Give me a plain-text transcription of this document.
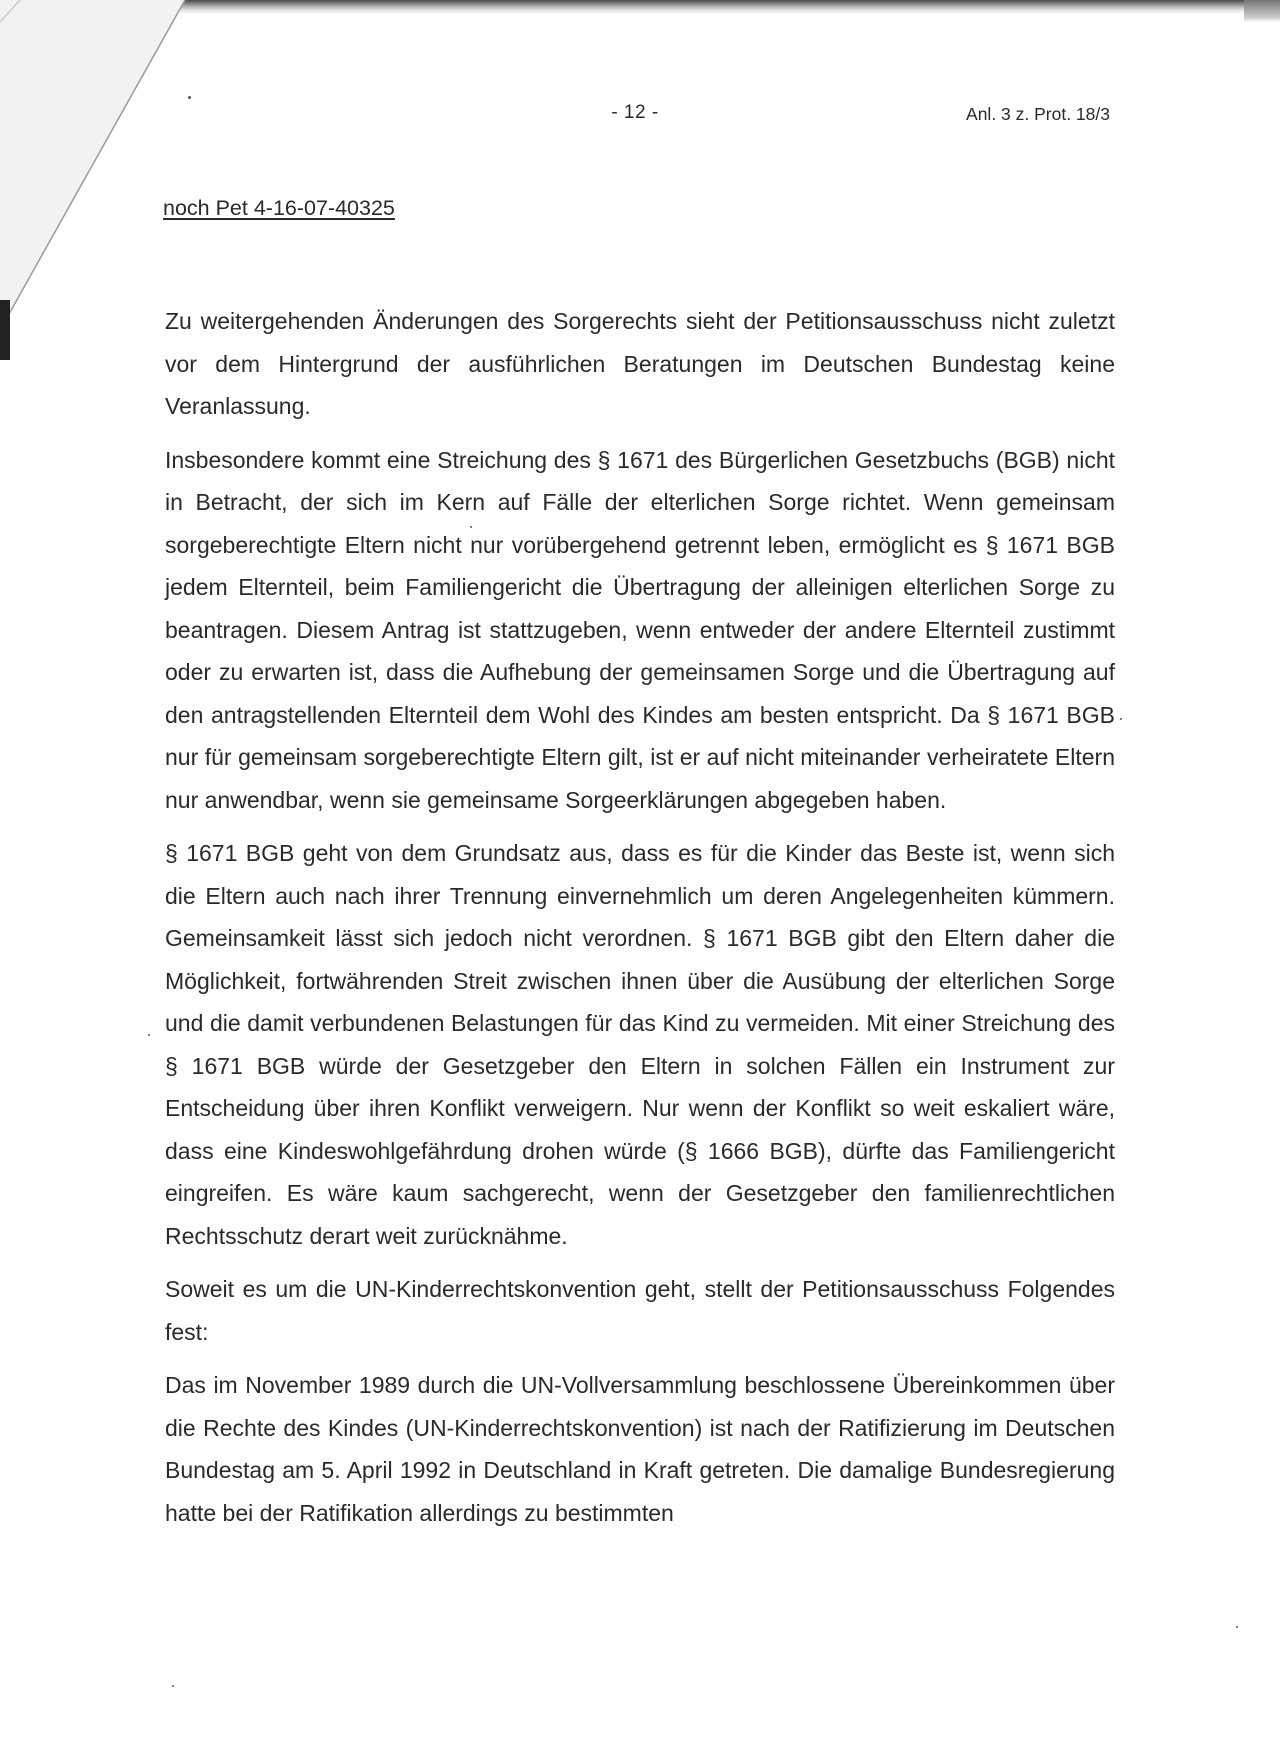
- 12 -	Anl. 3 z. Prot. 18/3
noch Pet 4-16-07-40325

Zu weitergehenden Änderungen des Sorgerechts sieht der Petitionsausschuss nicht zuletzt vor dem Hintergrund der ausführlichen Beratungen im Deutschen Bundestag keine Veranlassung.

Insbesondere kommt eine Streichung des § 1671 des Bürgerlichen Gesetzbuchs (BGB) nicht in Betracht, der sich im Kern auf Fälle der elterlichen Sorge richtet. Wenn gemeinsam sorgeberechtigte Eltern nicht nur vorübergehend getrennt leben, ermöglicht es § 1671 BGB jedem Elternteil, beim Familiengericht die Übertragung der alleinigen elterlichen Sorge zu beantragen. Diesem Antrag ist stattzugeben, wenn entweder der andere Elternteil zustimmt oder zu erwarten ist, dass die Aufhebung der gemeinsamen Sorge und die Übertragung auf den antragstellenden Elternteil dem Wohl des Kindes am besten entspricht. Da § 1671 BGB nur für gemeinsam sorgeberechtigte Eltern gilt, ist er auf nicht miteinander verheiratete Eltern nur anwendbar, wenn sie gemeinsame Sorgeerklärungen abgegeben haben.

§ 1671 BGB geht von dem Grundsatz aus, dass es für die Kinder das Beste ist, wenn sich die Eltern auch nach ihrer Trennung einvernehmlich um deren Angelegenheiten kümmern. Gemeinsamkeit lässt sich jedoch nicht verordnen. § 1671 BGB gibt den Eltern daher die Möglichkeit, fortwährenden Streit zwischen ihnen über die Ausübung der elterlichen Sorge und die damit verbundenen Belastungen für das Kind zu vermeiden. Mit einer Streichung des § 1671 BGB würde der Gesetzgeber den Eltern in solchen Fällen ein Instrument zur Entscheidung über ihren Konflikt verweigern. Nur wenn der Konflikt so weit eskaliert wäre, dass eine Kindeswohlgefährdung drohen würde (§ 1666 BGB), dürfte das Familiengericht eingreifen. Es wäre kaum sachgerecht, wenn der Gesetzgeber den familienrechtlichen Rechtsschutz derart weit zurücknähme.

Soweit es um die UN-Kinderrechtskonvention geht, stellt der Petitionsausschuss Folgendes fest:

Das im November 1989 durch die UN-Vollversammlung beschlossene Übereinkommen über die Rechte des Kindes (UN-Kinderrechtskonvention) ist nach der Ratifizierung im Deutschen Bundestag am 5. April 1992 in Deutschland in Kraft getreten. Die damalige Bundesregierung hatte bei der Ratifikation allerdings zu bestimmten
